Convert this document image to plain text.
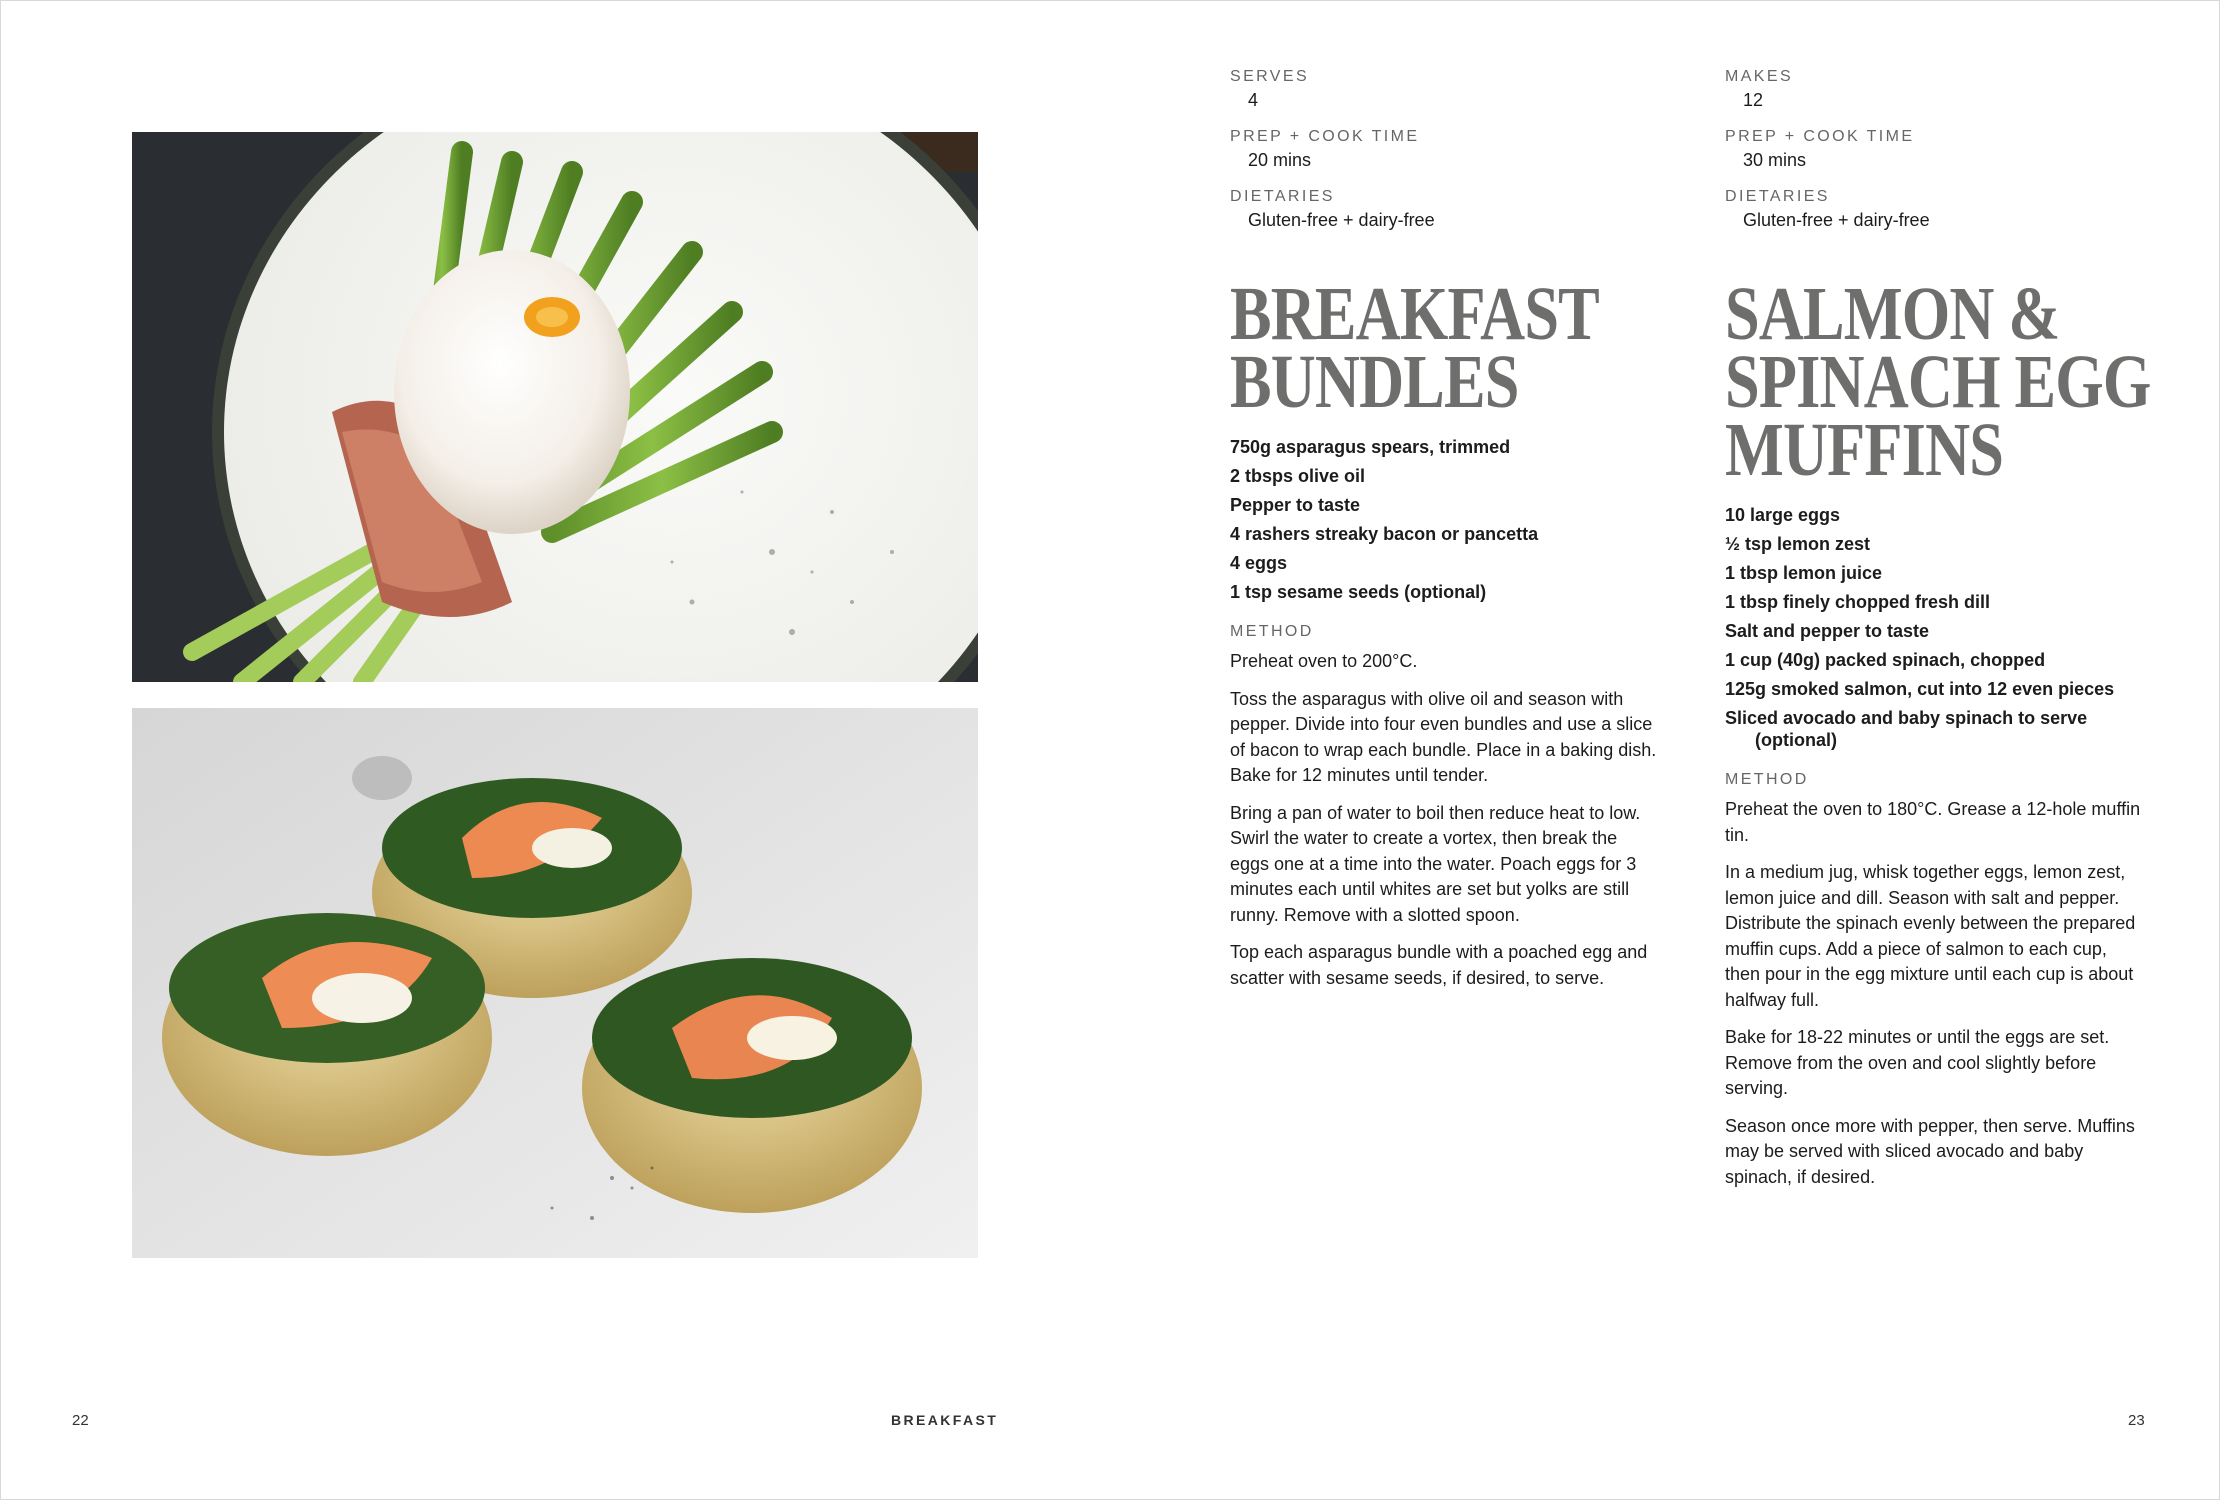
SERVES
4
PREP + COOK TIME
20 mins
DIETARIES
Gluten-free + dairy-free
BREAKFAST
BUNDLES
750g asparagus spears, trimmed
2 tbsps olive oil
Pepper to taste
4 rashers streaky bacon or pancetta
4 eggs
1 tsp sesame seeds (optional)
METHOD

Preheat oven to 200°C.

Toss the asparagus with olive oil and season with pepper. Divide into four even bundles and use a slice of bacon to wrap each bundle. Place in a baking dish. Bake for 12 minutes until tender.

Bring a pan of water to boil then reduce heat to low. Swirl the water to create a vortex, then break the eggs one at a time into the water. Poach eggs for 3 minutes each until whites are set but yolks are still runny. Remove with a slotted spoon.

Top each asparagus bundle with a poached egg and scatter with sesame seeds, if desired, to serve.

MAKES
12
PREP + COOK TIME
30 mins
DIETARIES
Gluten-free + dairy-free
SALMON &
SPINACH EGG
MUFFINS
10 large eggs
½ tsp lemon zest
1 tbsp lemon juice
1 tbsp finely chopped fresh dill
Salt and pepper to taste
1 cup (40g) packed spinach, chopped
125g smoked salmon, cut into 12 even pieces
Sliced avocado and baby spinach to serve (optional)
METHOD

Preheat the oven to 180°C. Grease a 12-hole muffin tin.

In a medium jug, whisk together eggs, lemon zest, lemon juice and dill. Season with salt and pepper. Distribute the spinach evenly between the prepared muffin cups. Add a piece of salmon to each cup, then pour in the egg mixture until each cup is about halfway full.

Bake for 18-22 minutes or until the eggs are set. Remove from the oven and cool slightly before serving.

Season once more with pepper, then serve. Muffins may be served with sliced avocado and baby spinach, if desired.

22	BREAKFAST	23
